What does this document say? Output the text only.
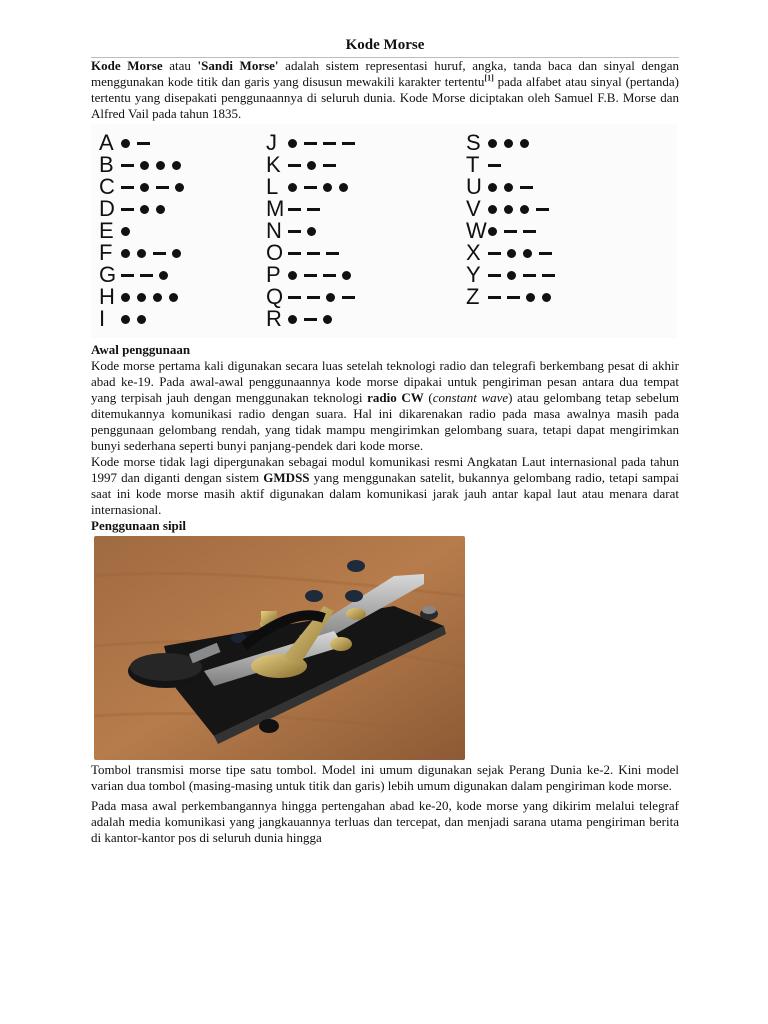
Kode Morse

Kode Morse atau 'Sandi Morse' adalah sistem representasi huruf, angka, tanda baca dan sinyal dengan menggunakan kode titik dan garis yang disusun mewakili karakter tertentu[1] pada alfabet atau sinyal (pertanda) tertentu yang disepakati penggunaannya di seluruh dunia. Kode Morse diciptakan oleh Samuel F.B. Morse dan Alfred Vail pada tahun 1835.

A
B
C
D
E
F
G
H
I
J
K
L
M
N
O
P
Q
R
S
T
U
V
W
X
Y
Z
Awal penggunaan

Kode morse pertama kali digunakan secara luas setelah teknologi radio dan telegrafi berkembang pesat di akhir abad ke-19. Pada awal-awal penggunaannya kode morse dipakai untuk pengiriman pesan antara dua tempat yang terpisah jauh dengan menggunakan teknologi radio CW (constant wave) atau gelombang tetap sebelum ditemukannya komunikasi radio dengan suara. Hal ini dikarenakan radio pada masa awalnya masih pada penggunaan gelombang rendah, yang tidak mampu mengirimkan gelombang suara, tetapi dapat mengirimkan bunyi sederhana seperti bunyi panjang-pendek dari kode morse.

Kode morse tidak lagi dipergunakan sebagai modul komunikasi resmi Angkatan Laut internasional pada tahun 1997 dan diganti dengan sistem GMDSS yang menggunakan satelit, bukannya gelombang radio, tetapi sampai saat ini kode morse masih aktif digunakan dalam komunikasi jarak jauh antar kapal laut atau menara darat internasional.

Penggunaan sipil

Tombol transmisi morse tipe satu tombol. Model ini umum digunakan sejak Perang Dunia ke-2. Kini model varian dua tombol (masing-masing untuk titik dan garis) lebih umum digunakan dalam pengiriman kode morse.

Pada masa awal perkembangannya hingga pertengahan abad ke-20, kode morse yang dikirim melalui telegraf adalah media komunikasi yang jangkauannya terluas dan tercepat, dan menjadi sarana utama pengiriman berita di kantor-kantor pos di seluruh dunia hingga
